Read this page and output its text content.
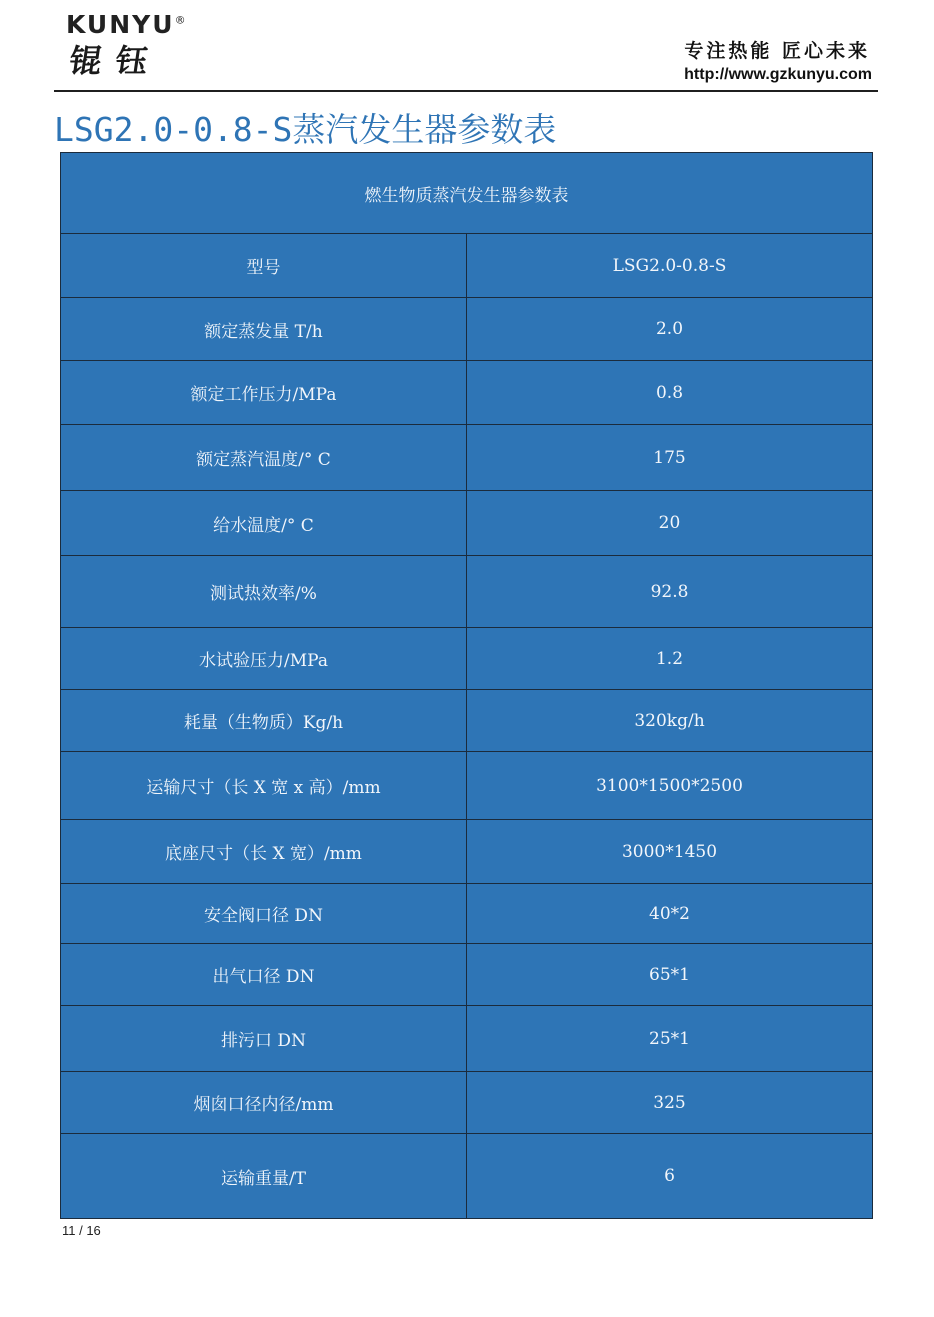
KUNYU®
锟钰	专注热能 匠心未来
http://www.gzkunyu.com
LSG2.0-0.8-S蒸汽发生器参数表
燃生物质蒸汽发生器参数表	
型号	LSG2.0-0.8-S
额定蒸发量 T/h	2.0
额定工作压力/MPa	0.8
额定蒸汽温度/° C	175
给水温度/° C	20
测试热效率/%	92.8
水试验压力/MPa	1.2
耗量（生物质）Kg/h	320kg/h
运输尺寸（长 X 宽 x 高）/mm	3100*1500*2500
底座尺寸（长 X 宽）/mm	3000*1450
安全阀口径 DN	40*2
出气口径 DN	65*1
排污口 DN	25*1
烟囱口径内径/mm	325
运输重量/T	6
11 / 16
